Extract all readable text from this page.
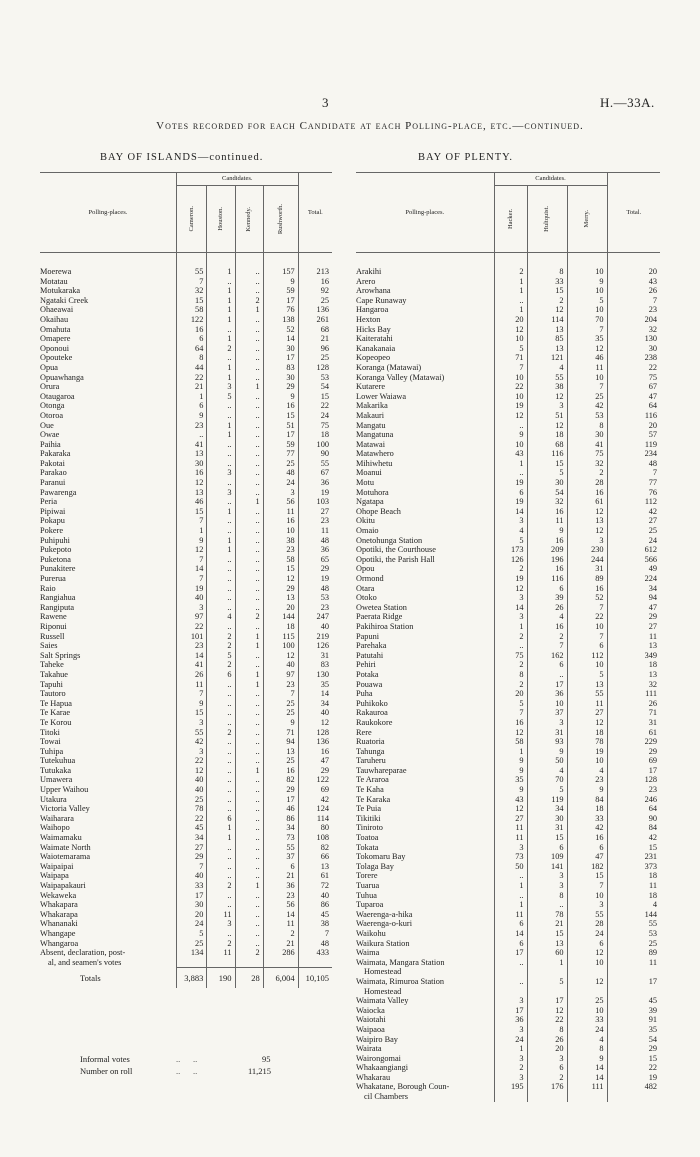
3	H.—33A.
Votes recorded for each Candidate at each Polling-place, etc.—continued.
BAY OF ISLANDS—continued.	BAY OF PLENTY.
Polling-places.	Candidates.				Total.

	Cameron.	Houston.	Kennedy.	Rushworth.	

Moerewa	55	1	..	157	213
Motatau	7	..	..	9	16
Motukaraka	32	1	..	59	92
Ngataki Creek	15	1	2	17	25
Ohaeawai	58	1	1	76	136
Okaihau	122	1	..	138	261
Omahuta	16	..	..	52	68
Omapere	6	1	..	14	21
Oponoui	64	2	..	30	96
Opouteke	8	..	..	17	25
Opua	44	1	..	83	128
Opuawhanga	22	1	..	30	53
Orura	21	3	1	29	54
Otaugaroa	1	5	..	9	15
Otonga	6	..	..	16	22
Otoroa	9	..	..	15	24
Oue	23	1	..	51	75
Owae	..	1	..	17	18
Paihia	41	..	..	59	100
Pakaraka	13	..	..	77	90
Pakotai	30	..	..	25	55
Parakao	16	3	..	48	67
Paranui	12	..	..	24	36
Pawarenga	13	3	..	3	19
Peria	46	..	1	56	103
Pipiwai	15	1	..	11	27
Pokapu	7	..	..	16	23
Pokere	1	..	..	10	11
Puhipuhi	9	1	..	38	48
Pukepoto	12	1	..	23	36
Puketona	7	..	..	58	65
Punakitere	14	..	..	15	29
Pureruа	7	..	..	12	19
Raio	19	..	..	29	48
Rangiahua	40	..	..	13	53
Rangiputa	3	..	..	20	23
Rawene	97	4	2	144	247
Riponui	22	..	..	18	40
Russell	101	2	1	115	219
Saies	23	2	1	100	126
Salt Springs	14	5	..	12	31
Taheke	41	2	..	40	83
Takahue	26	6	1	97	130
Tapuhi	11	..	1	23	35
Tautoro	7	..	..	7	14
Te Hapua	9	..	..	25	34
Te Karae	15	..	..	25	40
Te Korou	3	..	..	9	12
Titoki	55	2	..	71	128
Towai	42	..	..	94	136
Tuhipa	3	..	..	13	16
Tutekuhua	22	..	..	25	47
Tutukaka	12	..	1	16	29
Umawera	40	..	..	82	122
Upper Waihou	40	..	..	29	69
Utakura	25	..	..	17	42
Victoria Valley	78	..	..	46	124
Waiharara	22	6	..	86	114
Waihopo	45	1	..	34	80
Waimamaku	34	1	..	73	108
Waimate North	27	..	..	55	82
Waiotemarama	29	..	..	37	66
Waipaipai	7	..	..	6	13
Waipapa	40	..	..	21	61
Waipapakauri	33	2	1	36	72
Wekaweka	17	..	..	23	40
Whakapara	30	..	..	56	86
Whakarapa	20	11	..	14	45
Whananaki	24	3	..	11	38
Whangape	5	..	..	2	7
Whangaroa	25	2	..	21	48
Absent, declaration, post-	134	11	2	286	433
al, and seamen's votes					
Totals	3,883	190	28	6,004	10,105
Informal votes	..      ..	95
Number on roll	..      ..	11,215
Polling-places.	Candidates.			Total.

	Hacker.	Hultquist.	Merry.	

Arakihi	2	8	10	20
Arero	1	33	9	43
Arowhana	1	15	10	26
Cape Runaway	..	2	5	7
Hangaroa	1	12	10	23
Hexton	20	114	70	204
Hicks Bay	12	13	7	32
Kaiteratahi	10	85	35	130
Kanakanaia	5	13	12	30
Kopeopeo	71	121	46	238
Koranga (Matawai)	7	4	11	22
Koranga Valley (Matawai)	10	55	10	75
Kutarere	22	38	7	67
Lower Waiawa	10	12	25	47
Makarika	19	3	42	64
Makauri	12	51	53	116
Mangatu	..	12	8	20
Mangatuna	9	18	30	57
Matawai	10	68	41	119
Matawhero	43	116	75	234
Mihiwhetu	1	15	32	48
Moanui	..	5	2	7
Motu	19	30	28	77
Motuhora	6	54	16	76
Ngatapa	19	32	61	112
Ohope Beach	14	16	12	42
Okitu	3	11	13	27
Omaio	4	9	12	25
Onetohunga Station	5	16	3	24
Opotiki, the Courthouse	173	209	230	612
Opotiki, the Parish Hall	126	196	244	566
Opou	2	16	31	49
Ormond	19	116	89	224
Otara	12	6	16	34
Otoko	3	39	52	94
Owetea Station	14	26	7	47
Paerata Ridge	3	4	22	29
Pakihiroa Station	1	16	10	27
Papuni	2	2	7	11
Parehaka	..	7	6	13
Patutahi	75	162	112	349
Pehiri	2	6	10	18
Potaka	8	..	5	13
Pouawa	2	17	13	32
Puha	20	36	55	111
Puhikoko	5	10	11	26
Rakauroa	7	37	27	71
Raukokore	16	3	12	31
Rere	12	31	18	61
Ruatoria	58	93	78	229
Tahunga	1	9	19	29
Taruheru	9	50	10	69
Tauwhareparae	9	4	4	17
Te Araroa	35	70	23	128
Te Kaha	9	5	9	23
Te Karaka	43	119	84	246
Te Puia	12	34	18	64
Tikitiki	27	30	33	90
Tiniroto	11	31	42	84
Toatoa	11	15	16	42
Tokata	3	6	6	15
Tokomaru Bay	73	109	47	231
Tolaga Bay	50	141	182	373
Torere	..	3	15	18
Tuarua	1	3	7	11
Tuhua	..	8	10	18
Tuparoa	1	..	3	4
Waerenga-a-hika	11	78	55	144
Waerenga-o-kuri	6	21	28	55
Waikohu	14	15	24	53
Waikura Station	6	13	6	25
Waima	17	60	12	89
Waimata, Mangara Station	..	1	10	11
Homestead				
Waimata, Rimuroa Station	..	5	12	17
Homestead				
Waimata Valley	3	17	25	45
Waiocka	17	12	10	39
Waiotahi	36	22	33	91
Waipaoa	3	8	24	35
Waipiro Bay	24	26	4	54
Wairata	1	20	8	29
Wairongomai	3	3	9	15
Whakaangiangi	2	6	14	22
Whakarau	3	2	14	19
Whakatane, Borough Coun-	195	176	111	482
cil Chambers				
